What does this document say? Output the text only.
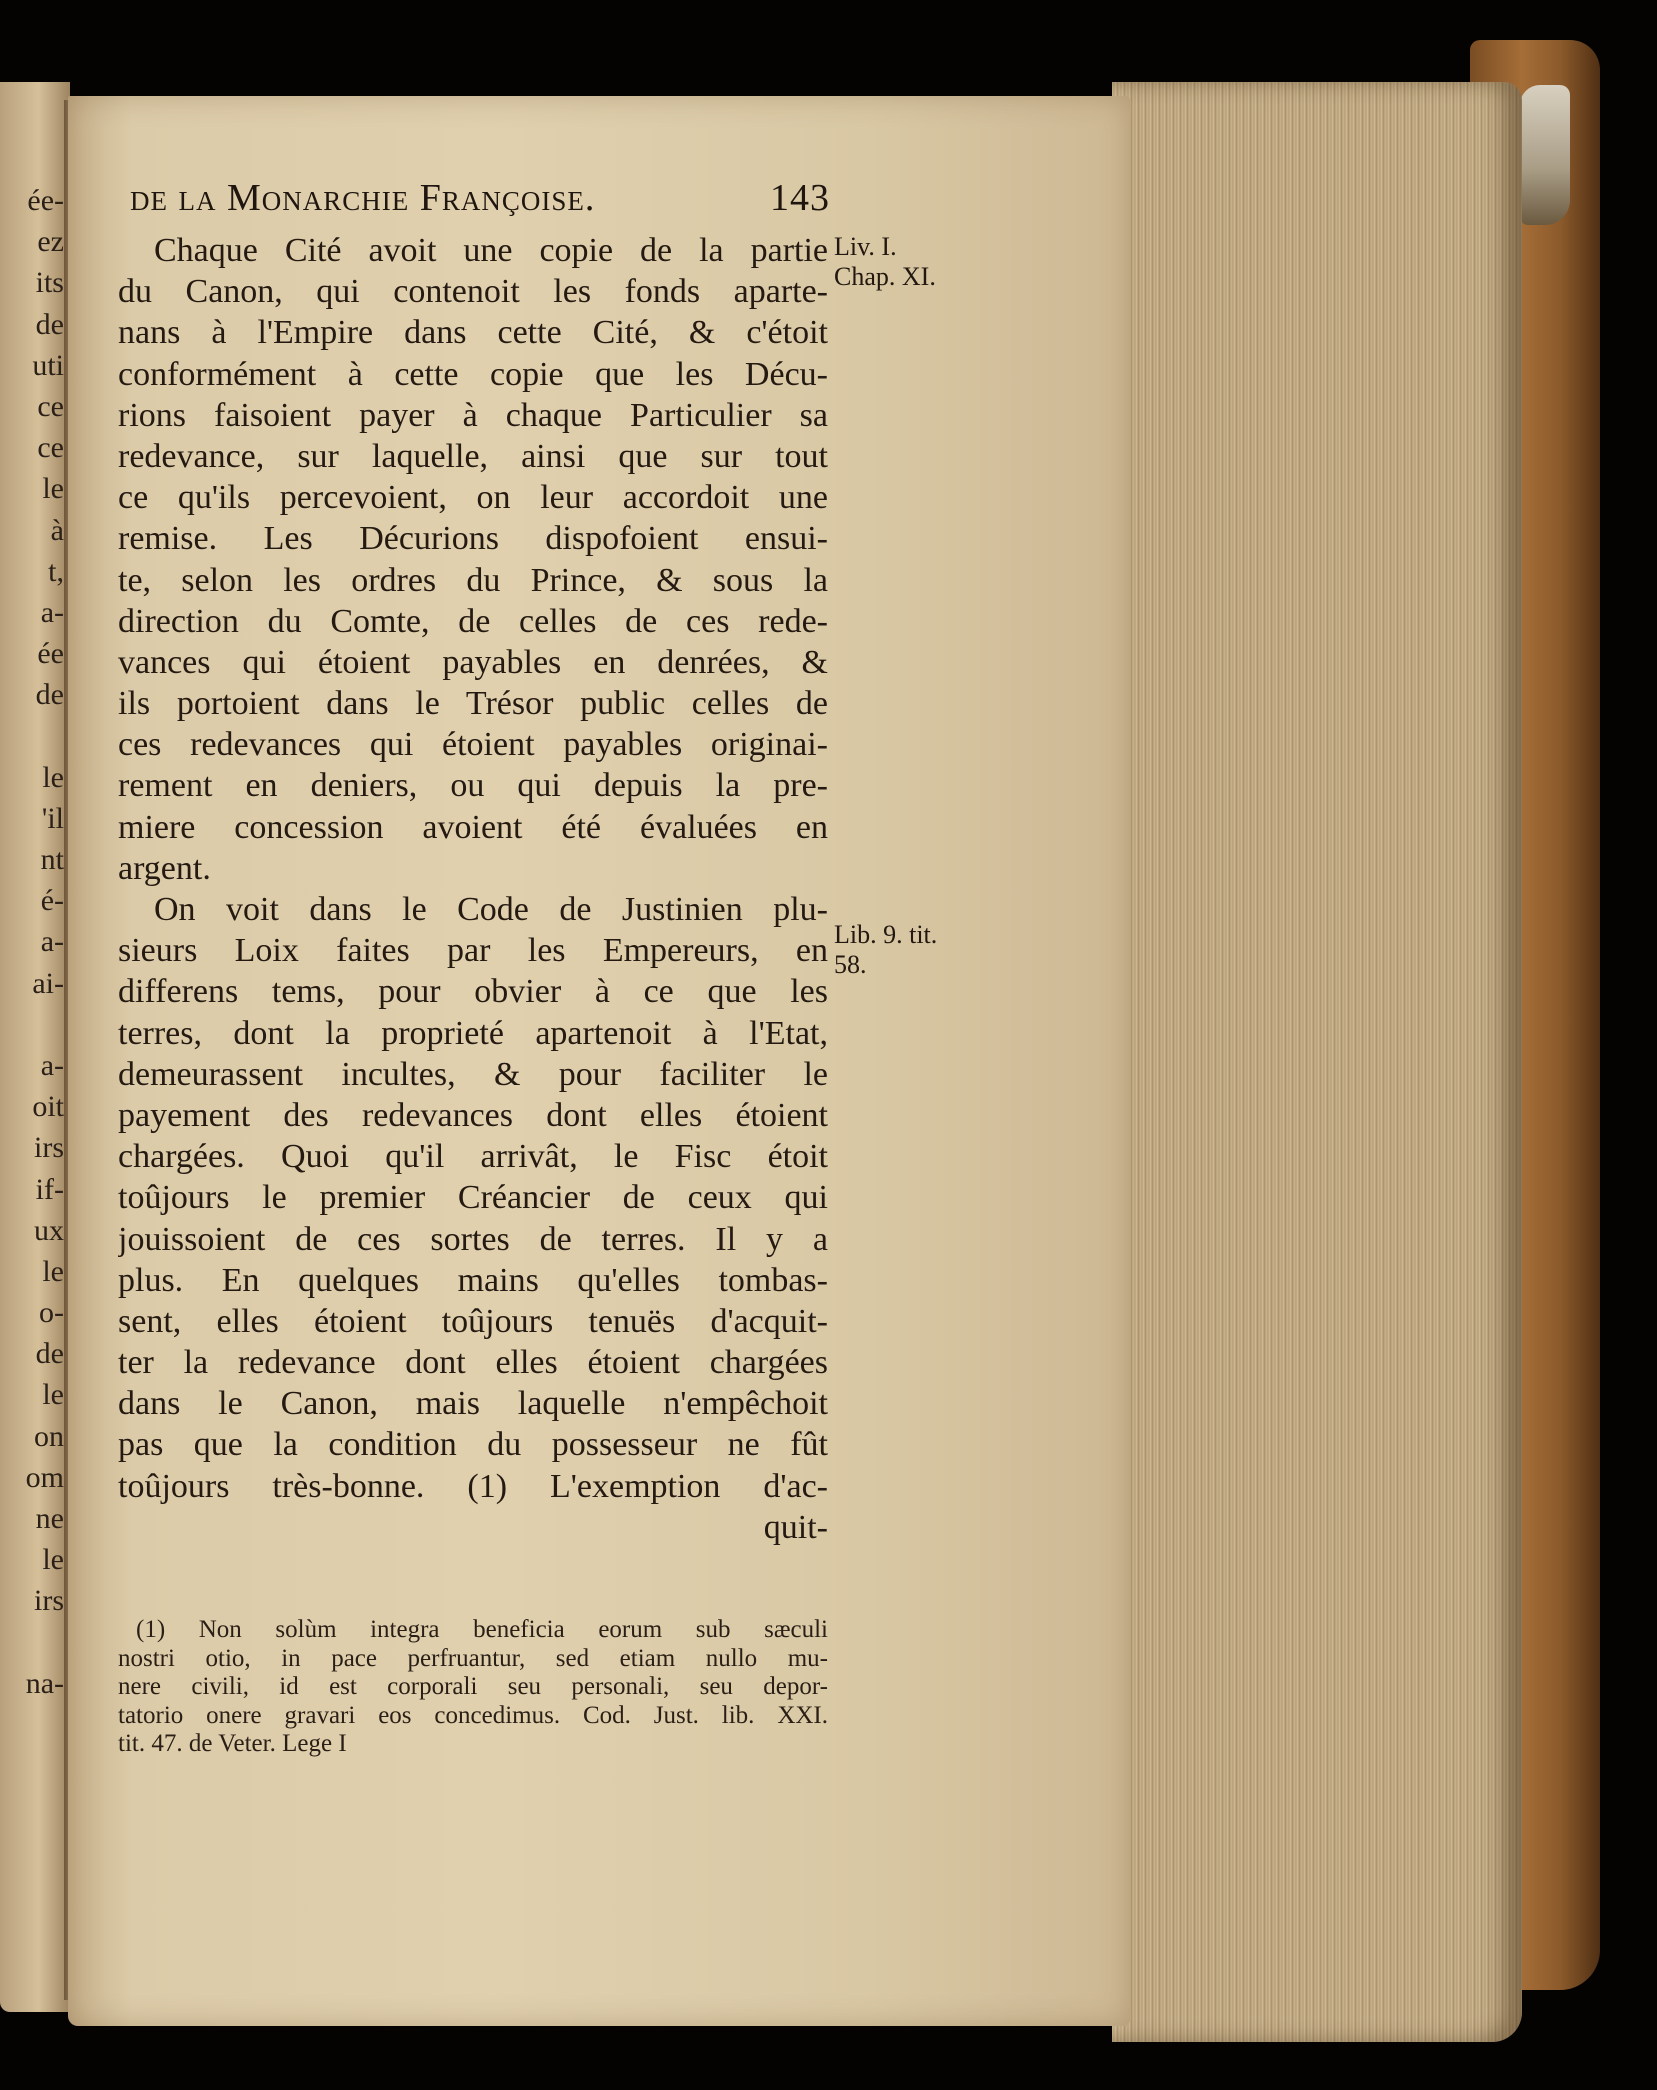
ée-
ez
its
de
uti
ce
ce
le
à
t,
a-
ée
de
le
'il
nt
é-
a-
ai-
a-
oit
irs
if-
ux
le
o-
de
le
on
om
ne
le
irs
na-
de la Monarchie Françoise.	143
Chaque Cité avoit une copie de la partie
du Canon, qui contenoit les fonds aparte-
nans à l'Empire dans cette Cité, & c'étoit
conformément à cette copie que les Décu-
rions faisoient payer à chaque Particulier sa
redevance, sur laquelle, ainsi que sur tout
ce qu'ils percevoient, on leur accordoit une
remise. Les Décurions dispofoient ensui-
te, selon les ordres du Prince, & sous la
direction du Comte, de celles de ces rede-
vances qui étoient payables en denrées, &
ils portoient dans le Trésor public celles de
ces redevances qui étoient payables originai-
rement en deniers, ou qui depuis la pre-
miere concession avoient été évaluées en
argent.
On voit dans le Code de Justinien plu-
sieurs Loix faites par les Empereurs, en
differens tems, pour obvier à ce que les
terres, dont la proprieté apartenoit à l'Etat,
demeurassent incultes, & pour faciliter le
payement des redevances dont elles étoient
chargées. Quoi qu'il arrivât, le Fisc étoit
toûjours le premier Créancier de ceux qui
jouissoient de ces sortes de terres. Il y a
plus. En quelques mains qu'elles tombas-
sent, elles étoient toûjours tenuës d'acquit-
ter la redevance dont elles étoient chargées
dans le Canon, mais laquelle n'empêchoit
pas que la condition du possesseur ne fût
toûjours très-bonne. (1) L'exemption d'ac-
quit-
Liv. I.
Chap. XI.
Lib. 9. tit.
58.
(1) Non solùm integra beneficia eorum sub sæculi
nostri otio, in pace perfruantur, sed etiam nullo mu-
nere civili, id est corporali seu personali, seu depor-
tatorio onere gravari eos concedimus. Cod. Just. lib. XXI.
tit. 47. de Veter. Lege I
